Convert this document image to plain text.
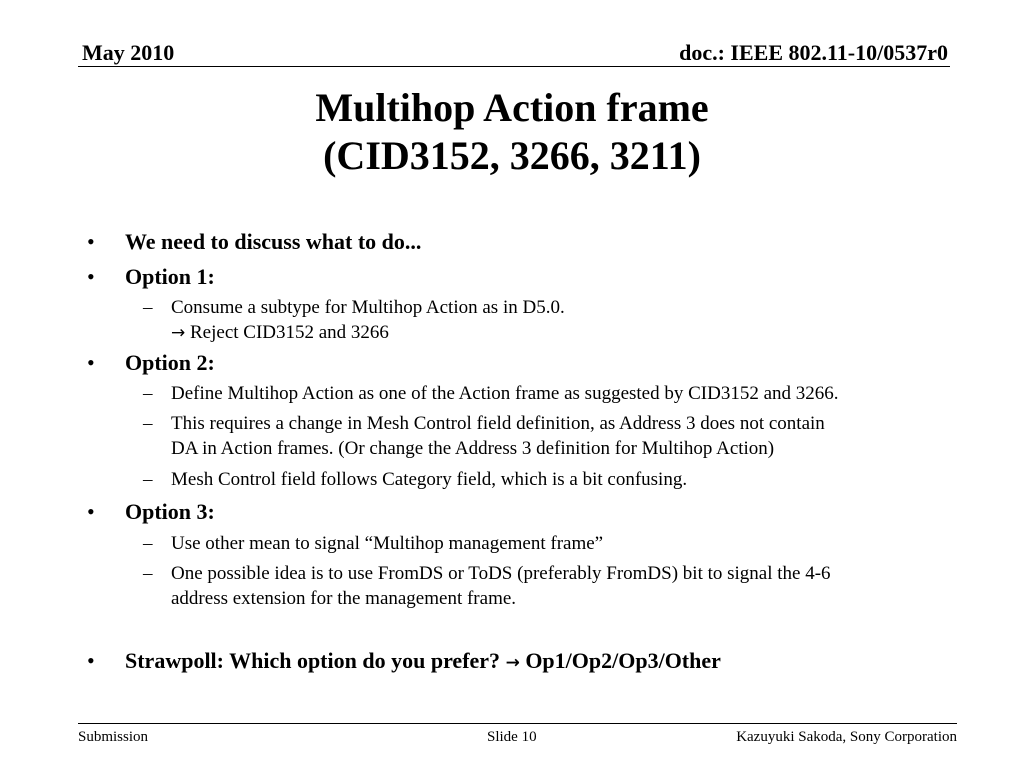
May 2010	doc.: IEEE 802.11-10/0537r0
Multihop Action frame
(CID3152, 3266, 3211)
• We need to discuss what to do...
• Option 1:
– Consume a subtype for Multihop Action as in D5.0.
→ Reject CID3152 and 3266
• Option 2:
– Define Multihop Action as one of the Action frame as suggested by CID3152 and 3266.
– This requires a change in Mesh Control field definition, as Address 3 does not contain
DA in Action frames. (Or change the Address 3 definition for Multihop Action)
– Mesh Control field follows Category field, which is a bit confusing.
• Option 3:
– Use other mean to signal “Multihop management frame”
– One possible idea is to use FromDS or ToDS (preferably FromDS) bit to signal the 4-6
address extension for the management frame.
• Strawpoll: Which option do you prefer? → Op1/Op2/Op3/Other
Submission	Slide 10	Kazuyuki Sakoda, Sony Corporation
